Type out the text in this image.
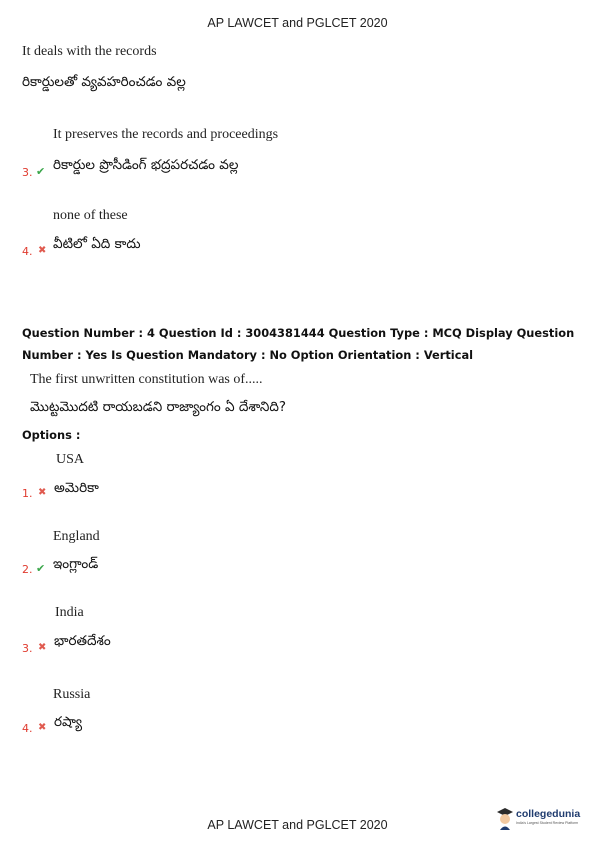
AP LAWCET and PGLCET 2020
It deals with the records
రికార్డులతో వ్యవహరించడం వల్ల
It preserves the records and proceedings
3. ✔ రికార్డుల ప్రొసీడింగ్ భద్రపరచడం వల్ల
none of these
4. ✖ వీటిలో ఏది కాదు
Question Number : 4 Question Id : 3004381444 Question Type : MCQ Display Question
Number : Yes Is Question Mandatory : No Option Orientation : Vertical
The first unwritten constitution was of.....
మొట్టమొదటి రాయబడని రాజ్యాంగం ఏ దేశానిది?
Options :
USA
1. ✖ అమెరికా
England
2. ✔ ఇంగ్లాండ్
India
3. ✖ భారతదేశం
Russia
4. ✖ రష్యా
AP LAWCET and PGLCET 2020
collegedunia
India's Largest Student Review Platform
